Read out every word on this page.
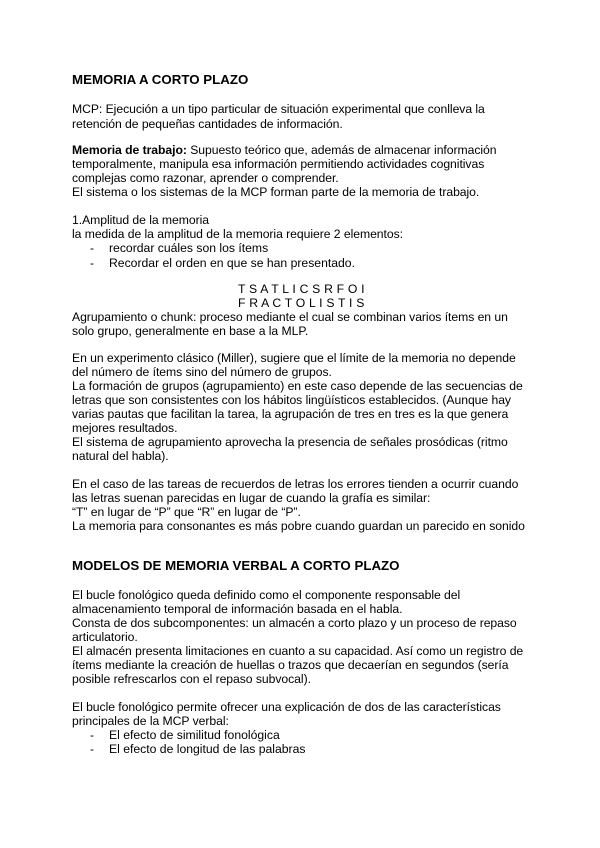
MEMORIA A CORTO PLAZO
MCP: Ejecución a un tipo particular de situación experimental que conlleva la
retención de pequeñas cantidades de información.
Memoria de trabajo: Supuesto teórico que, además de almacenar información
temporalmente, manipula esa información permitiendo actividades cognitivas
complejas como razonar, aprender o comprender.
El sistema o los sistemas de la MCP forman parte de la memoria de trabajo.
1.Amplitud de la memoria
la medida de la amplitud de la memoria requiere 2 elementos:
- recordar cuáles son los ítems
- Recordar el orden en que se han presentado.
T S A T L I C S R F O I
F R A C T O L I S T I S
Agrupamiento o chunk: proceso mediante el cual se combinan varios ítems en un
solo grupo, generalmente en base a la MLP.
En un experimento clásico (Miller), sugiere que el límite de la memoria no depende
del número de ítems sino del número de grupos.
La formación de grupos (agrupamiento) en este caso depende de las secuencias de
letras que son consistentes con los hábitos lingüísticos establecidos. (Aunque hay
varias pautas que facilitan la tarea, la agrupación de tres en tres es la que genera
mejores resultados.
El sistema de agrupamiento aprovecha la presencia de señales prosódicas (ritmo
natural del habla).
En el caso de las tareas de recuerdos de letras los errores tienden a ocurrir cuando
las letras suenan parecidas en lugar de cuando la grafía es similar:
“T” en lugar de “P” que “R” en lugar de “P”.
La memoria para consonantes es más pobre cuando guardan un parecido en sonido
MODELOS DE MEMORIA VERBAL A CORTO PLAZO
El bucle fonológico queda definido como el componente responsable del
almacenamiento temporal de información basada en el habla.
Consta de dos subcomponentes: un almacén a corto plazo y un proceso de repaso
articulatorio.
El almacén presenta limitaciones en cuanto a su capacidad. Así como un registro de
ítems mediante la creación de huellas o trazos que decaerían en segundos (sería
posible refrescarlos con el repaso subvocal).
El bucle fonológico permite ofrecer una explicación de dos de las características
principales de la MCP verbal:
- El efecto de similitud fonológica
- El efecto de longitud de las palabras
